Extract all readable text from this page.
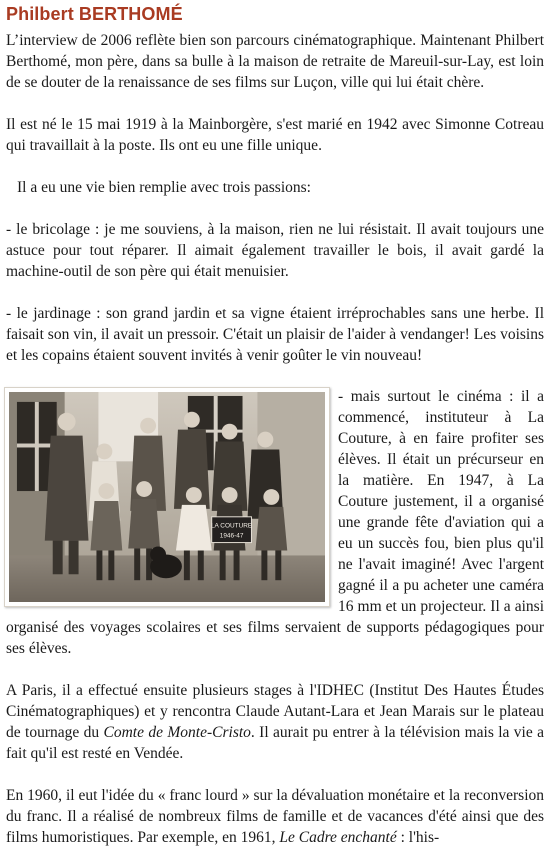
Philbert BERTHOMÉ

L’interview de 2006 reflète bien son parcours cinématographique. Maintenant Philbert Berthomé, mon père, dans sa bulle à la maison de retraite de Mareuil-sur-Lay, est loin de se douter de la renaissance de ses films sur Luçon, ville qui lui était chère.

Il est né le 15 mai 1919 à la Mainborgère, s'est marié en 1942 avec Simonne Cotreau qui travaillait à la poste. Ils ont eu une fille unique.

Il a eu une vie bien remplie avec trois passions:

- le bricolage : je me souviens, à la maison, rien ne lui résistait. Il avait toujours une astuce pour tout réparer. Il aimait également travailler le bois, il avait gardé la machine-outil de son père qui était menuisier.

- le jardinage : son grand jardin et sa vigne étaient irréprochables sans une herbe. Il faisait son vin, il avait un pressoir. C'était un plaisir de l'aider à vendanger! Les voisins et les copains étaient souvent invités à venir goûter le vin nouveau!

LA COUTURE
1946-47

- mais surtout le cinéma : il a commencé, instituteur à La Couture, à en faire profiter ses élèves. Il était un précurseur en la matière. En 1947, à La Couture justement, il a organisé une grande fête d'aviation qui a eu un succès fou, bien plus qu'il ne l'avait imaginé! Avec l'argent gagné il a pu acheter une caméra 16 mm et un projecteur. Il a ainsi organisé des voyages scolaires et ses films servaient de supports pédagogiques pour ses élèves.

A Paris, il a effectué ensuite plusieurs stages à l'IDHEC (Institut Des Hautes Études Cinématographiques) et y rencontra Claude Autant-Lara et Jean Marais sur le plateau de tournage du Comte de Monte-Cristo. Il aurait pu entrer à la télévision mais la vie a fait qu'il est resté en Vendée.

En 1960, il eut l'idée du « franc lourd » sur la dévaluation monétaire et la reconversion du franc. Il a réalisé de nombreux films de famille et de vacances d'été ainsi que des films humoristiques. Par exemple, en 1961, Le Cadre enchanté : l'his-
